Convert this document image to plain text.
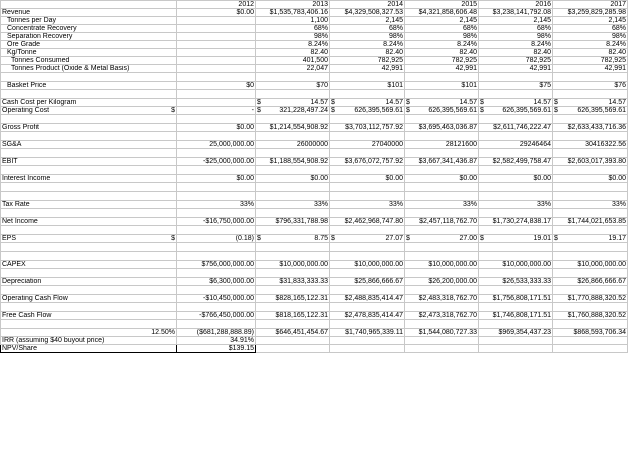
	2012	2013	2014	2015	2016	2017
Revenue	$0.00	$1,535,783,406.16	$4,329,508,327.53	$4,321,858,606.48	$3,238,141,792.08	$3,259,829,285.98
Tonnes per Day		1,100	2,145	2,145	2,145	2,145
Concentrate Recovery		68%	68%	68%	68%	68%
Separation Recovery		98%	98%	98%	98%	98%
Ore Grade		8.24%	8.24%	8.24%	8.24%	8.24%
Kg/Tonne		82.40	82.40	82.40	82.40	82.40
Tonnes Consumed		401,500	782,925	782,925	782,925	782,925
Tonnes Product (Oxide & Metal Basis)		22,047	42,991	42,991	42,991	42,991

Basket Price	$0	$70	$101	$101	$75	$76

Cash Cost per Kilogram		$ 14.57	$ 14.57	$ 14.57	$ 14.57	$ 14.57

Operating Cost $	-	$ 321,228,497.24	$ 626,395,569.61	$ 626,395,569.61	$ 626,395,569.61	$ 626,395,569.61

Gross Profit	$0.00	$1,214,554,908.92	$3,703,112,757.92	$3,695,463,036.87	$2,611,746,222.47	$2,633,433,716.36

SG&A	25,000,000.00	26000000	27040000	28121600	29246464	30416322.56

EBIT	-$25,000,000.00	$1,188,554,908.92	$3,676,072,757.92	$3,667,341,436.87	$2,582,499,758.47	$2,603,017,393.80

Interest Income	$0.00	$0.00	$0.00	$0.00	$0.00	$0.00

Tax Rate	33%	33%	33%	33%	33%	33%

Net Income	-$16,750,000.00	$796,331,788.98	$2,462,968,747.80	$2,457,118,762.70	$1,730,274,838.17	$1,744,021,653.85

EPS $	(0.18)	$ 8.75	$ 27.07	$ 27.00	$ 19.01	$ 19.17

CAPEX	$756,000,000.00	$10,000,000.00	$10,000,000.00	$10,000,000.00	$10,000,000.00	$10,000,000.00

Depreciation	$6,300,000.00	$31,833,333.33	$25,866,666.67	$26,200,000.00	$26,533,333.33	$26,866,666.67

Operating Cash Flow	-$10,450,000.00	$828,165,122.31	$2,488,835,414.47	$2,483,318,762.70	$1,756,808,171.51	$1,770,888,320.52

Free Cash Flow	-$766,450,000.00	$818,165,122.31	$2,478,835,414.47	$2,473,318,762.70	$1,746,808,171.51	$1,760,888,320.52

12.50%	($681,288,888.89)	$646,451,454.67	$1,740,965,339.11	$1,544,080,727.33	$969,354,437.23	$868,593,706.34
IRR (assuming $40 buyout price)	34.91%					
NPV/Share	$139.15					
